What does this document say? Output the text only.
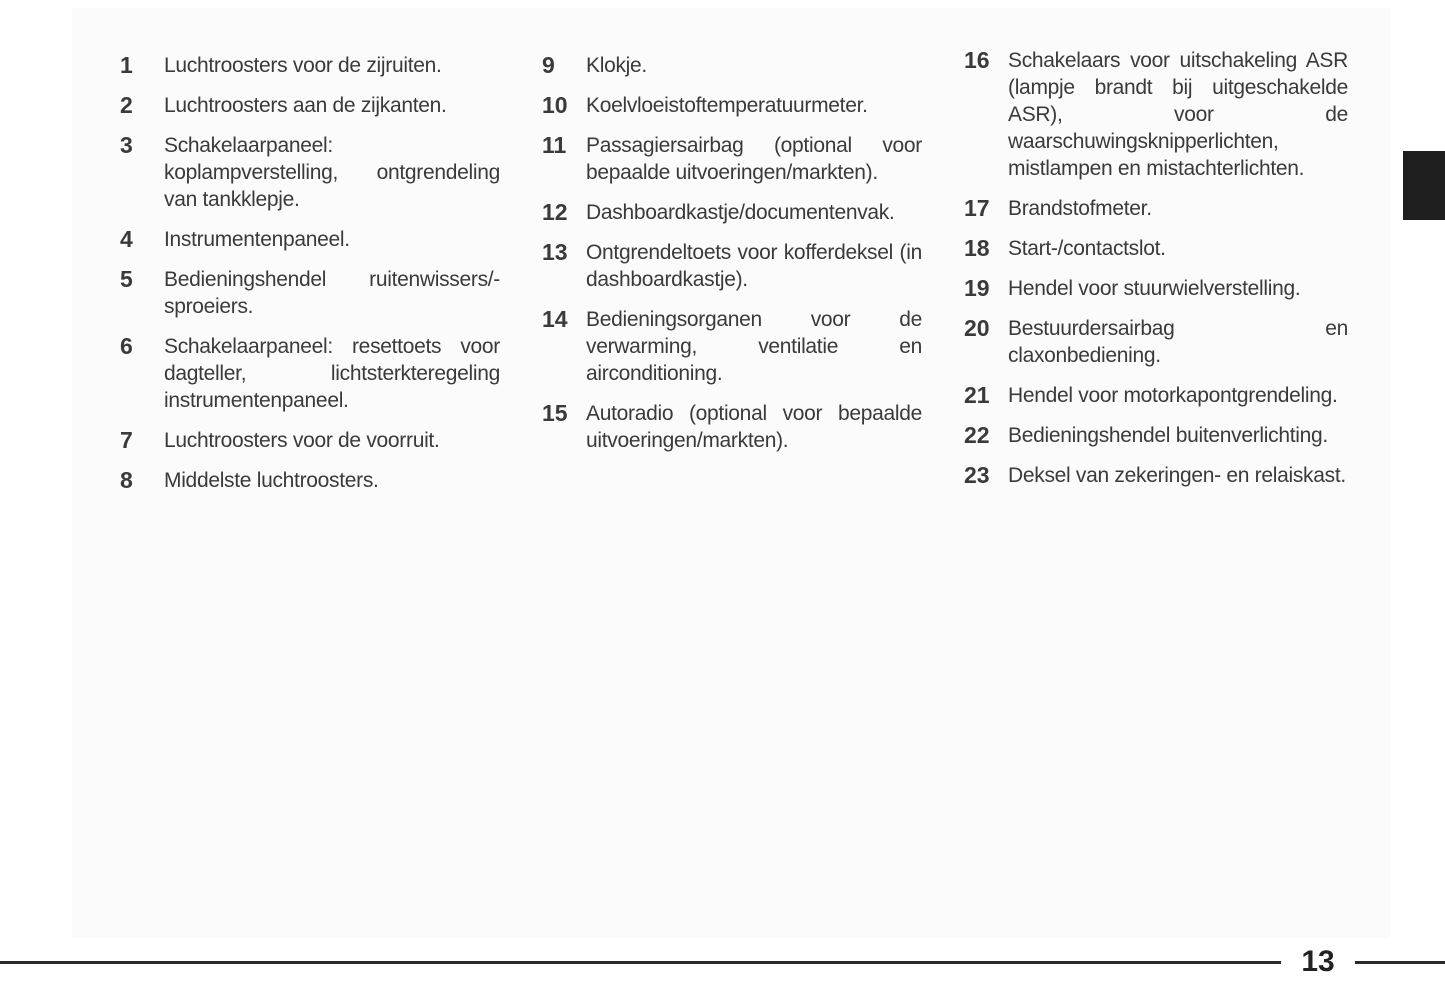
1	Luchtroosters voor de zijruiten.
2	Luchtroosters aan de zijkanten.
3	Schakelaarpaneel: koplampverstelling, ontgrendeling van tankklepje.
4	Instrumentenpaneel.
5	Bedieningshendel ruitenwissers/-sproeiers.
6	Schakelaarpaneel: resettoets voor dagteller, lichtsterkteregeling instrumentenpaneel.
7	Luchtroosters voor de voorruit.
8	Middelste luchtroosters.
9	Klokje.
10 Koelvloeistoftemperatuurmeter.
11 Passagiersairbag (optional voor bepaalde uitvoeringen/markten).
12 Dashboardkastje/documentenvak.
13 Ontgrendeltoets voor kofferdeksel (in dashboardkastje).
14 Bedieningsorganen voor de verwarming, ventilatie en airconditioning.
15 Autoradio (optional voor bepaalde uitvoeringen/markten).
16 Schakelaars voor uitschakeling ASR (lampje brandt bij uitgeschakelde ASR), voor de waarschuwingsknipperlichten, mistlampen en mistachterlichten.
17 Brandstofmeter.
18 Start-/contactslot.
19 Hendel voor stuurwielverstelling.
20 Bestuurdersairbag en claxonbediening.
21 Hendel voor motorkapontgrendeling.
22 Bedieningshendel buitenverlichting.
23 Deksel van zekeringen- en relaiskast.
13
